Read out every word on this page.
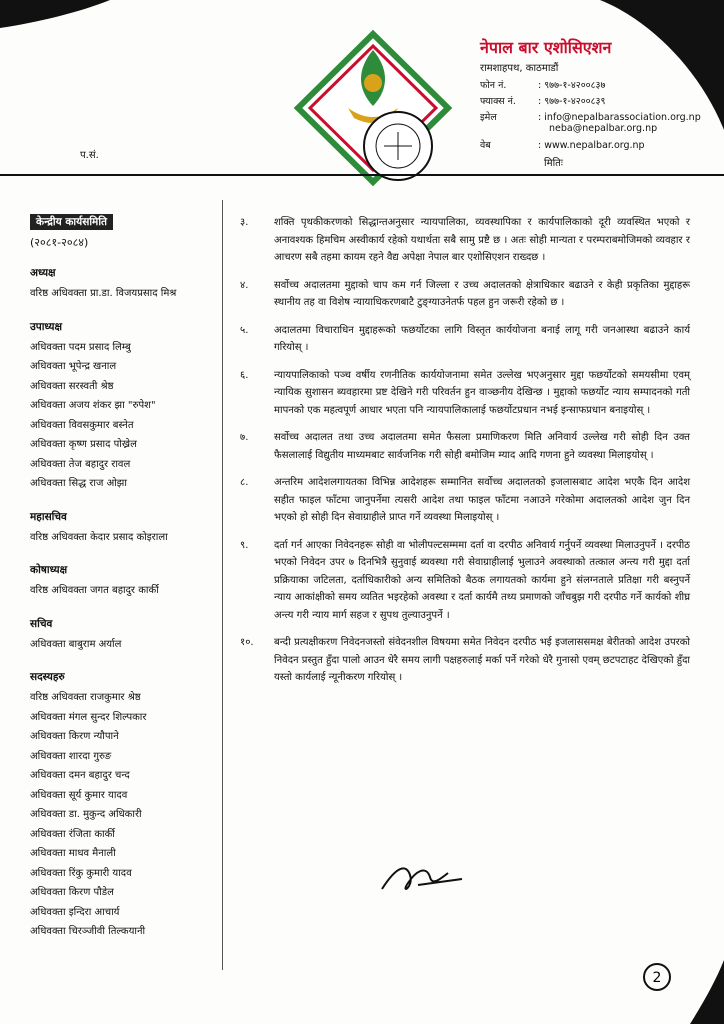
नेपाल बार एशोसिएशन
रामशाहपथ, काठमाडौं
फोन नं.	: ९७७-१-४२००८३७
फ्याक्स नं. : ९७७-१-४२००८३९
इमेल	: info@nepalbarassociation.org.np
neba@nepalbar.org.np
वेब	: www.nepalbar.org.np
प.सं.
मितिः
केन्द्रीय कार्यसमिति
(२०८१-२०८४)
अध्यक्ष
वरिष्ठ अधिवक्ता प्रा.डा. विजयप्रसाद मिश्र
उपाध्यक्ष
अधिवक्ता पदम प्रसाद लिम्बु
अधिवक्ता भूपेन्द्र खनाल
अधिवक्ता सरस्वती श्रेष्ठ
अधिवक्ता अजय शंकर झा "रुपेश"
अधिवक्ता विवसकुमार बस्नेत
अधिवक्ता कृष्ण प्रसाद पोख्रेल
अधिवक्ता तेज बहादुर रावल
अधिवक्ता सिद्ध राज ओझा
महासचिव
वरिष्ठ अधिवक्ता केदार प्रसाद कोइराला
कोषाध्यक्ष
वरिष्ठ अधिवक्ता जगत बहादुर कार्की
सचिव
अधिवक्ता बाबुराम अर्याल
सदस्यहरु
वरिष्ठ अधिवक्ता राजकुमार श्रेष्ठ
अधिवक्ता मंगल सुन्दर शिल्पकार
अधिवक्ता किरण न्यौपाने
अधिवक्ता शारदा गुरुङ
अधिवक्ता दमन बहादुर चन्द
अधिवक्ता सूर्य कुमार यादव
अधिवक्ता डा. मुकुन्द अधिकारी
अधिवक्ता रंजिता कार्की
अधिवक्ता माधव मैनाली
अधिवक्ता रिंकु कुमारी यादव
अधिवक्ता किरण पौडेल
अधिवक्ता इन्दिरा आचार्य
अधिवक्ता चिरञ्जीवी तिल्कयानी
३.	शक्ति पृथकीकरणको सिद्धान्तअनुसार न्यायपालिका, व्यवस्थापिका र कार्यपालिकाको दूरी व्यवस्थित भएको र अनावश्यक हिमचिम अस्वीकार्य रहेको यथार्थता सबै सामु प्रष्टै छ । अतः सोही मान्यता र परम्पराबमोजिमको व्यवहार र आचरण सबै तहमा कायम रहने वैद्य अपेक्षा नेपाल बार एशोसिएशन राख्दछ ।
४.	सर्वोच्च अदालतमा मुद्दाको चाप कम गर्न जिल्ला र उच्च अदालतको क्षेत्राधिकार बढाउने र केही प्रकृतिका मुद्दाहरू स्थानीय तह वा विशेष न्यायाधिकरणबाटै टुङ्ग्याउनेतर्फ पहल हुन जरूरी रहेको छ ।
५.	अदालतमा विचाराधिन मुद्दाहरूको फछर्योटका लागि विस्तृत कार्ययोजना बनाई लागू गरी जनआस्था बढाउने कार्य गरियोस् ।
६.	न्यायपालिकाको पञ्च वर्षीय रणनीतिक कार्ययोजनामा समेत उल्लेख भएअनुसार मुद्दा फछर्योटको समयसीमा एवम् न्यायिक सुशासन ब्यवहारमा प्रष्ट देखिने गरी परिवर्तन हुन वाञ्छनीय देखिन्छ । मुद्दाको फछर्योट न्याय सम्पादनको गती मापनको एक महत्वपूर्ण आधार भएता पनि न्यायपालिकालाई फछर्योटप्रधान नभई इन्साफप्रधान बनाइयोस् ।
७.	सर्वोच्च अदालत तथा उच्च अदालतमा समेत फैसला प्रमाणिकरण मिति अनिवार्य उल्लेख गरी सोही दिन उक्त फैसलालाई विद्युतीय माध्यमबाट सार्वजनिक गरी सोही बमोजिम म्याद आदि गणना हुने व्यवस्था मिलाइयोस् ।
८.	अन्तरिम आदेशलगायतका विभिन्न आदेशहरू सम्मानित सर्वोच्च अदालतको इजलासबाट आदेश भएकै दिन आदेश सहीत फाइल फाँटमा जानुपर्नेमा त्यसरी आदेश तथा फाइल फाँटमा नआउने गरेकोमा अदालतको आदेश जुन दिन भएको हो सोही दिन सेवाग्राहीले प्राप्त गर्ने व्यवस्था मिलाइयोस् ।
९.	दर्ता गर्न आएका निवेदनहरू सोही वा भोलीपल्टसम्ममा दर्ता वा दरपीठ अनिवार्य गर्नुपर्ने व्यवस्था मिलाउनुपर्ने । दरपीठ भएको निवेदन उपर ७ दिनभित्रै सुनुवाई ब्यवस्था गरी सेवाग्राहीलाई भुलाउने अवस्थाको तत्काल अन्त्य गरी मुद्दा दर्ता प्रक्रियाका जटिलता, दर्ताधिकारीको अन्य समितिको बैठक लगायतको कार्यमा हुने संलग्नताले प्रतिक्षा गरी बस्नुपर्ने न्याय आकांक्षीको समय व्यतित भइरहेको अवस्था र दर्ता कार्यमै तथ्य प्रमाणको जाँचबुझ गरी दरपीठ गर्ने कार्यको शीघ्र अन्त्य गरी न्याय मार्ग सहज र सुपथ तुल्याउनुपर्ने ।
१०. बन्दी प्रत्यक्षीकरण निवेदनजस्तो संवेदनशील विषयमा समेत निवेदन दरपीठ भई इजलाससमक्ष बेरीतको आदेश उपरको निवेदन प्रस्तुत हुँदा पालो आउन धेरै समय लागी पक्षहरुलाई मर्का पर्ने गरेको धेरै गुनासो एवम् छटपटाहट देखिएको हुँदा यस्तो कार्यलाई न्यूनीकरण गरियोस् ।
2
